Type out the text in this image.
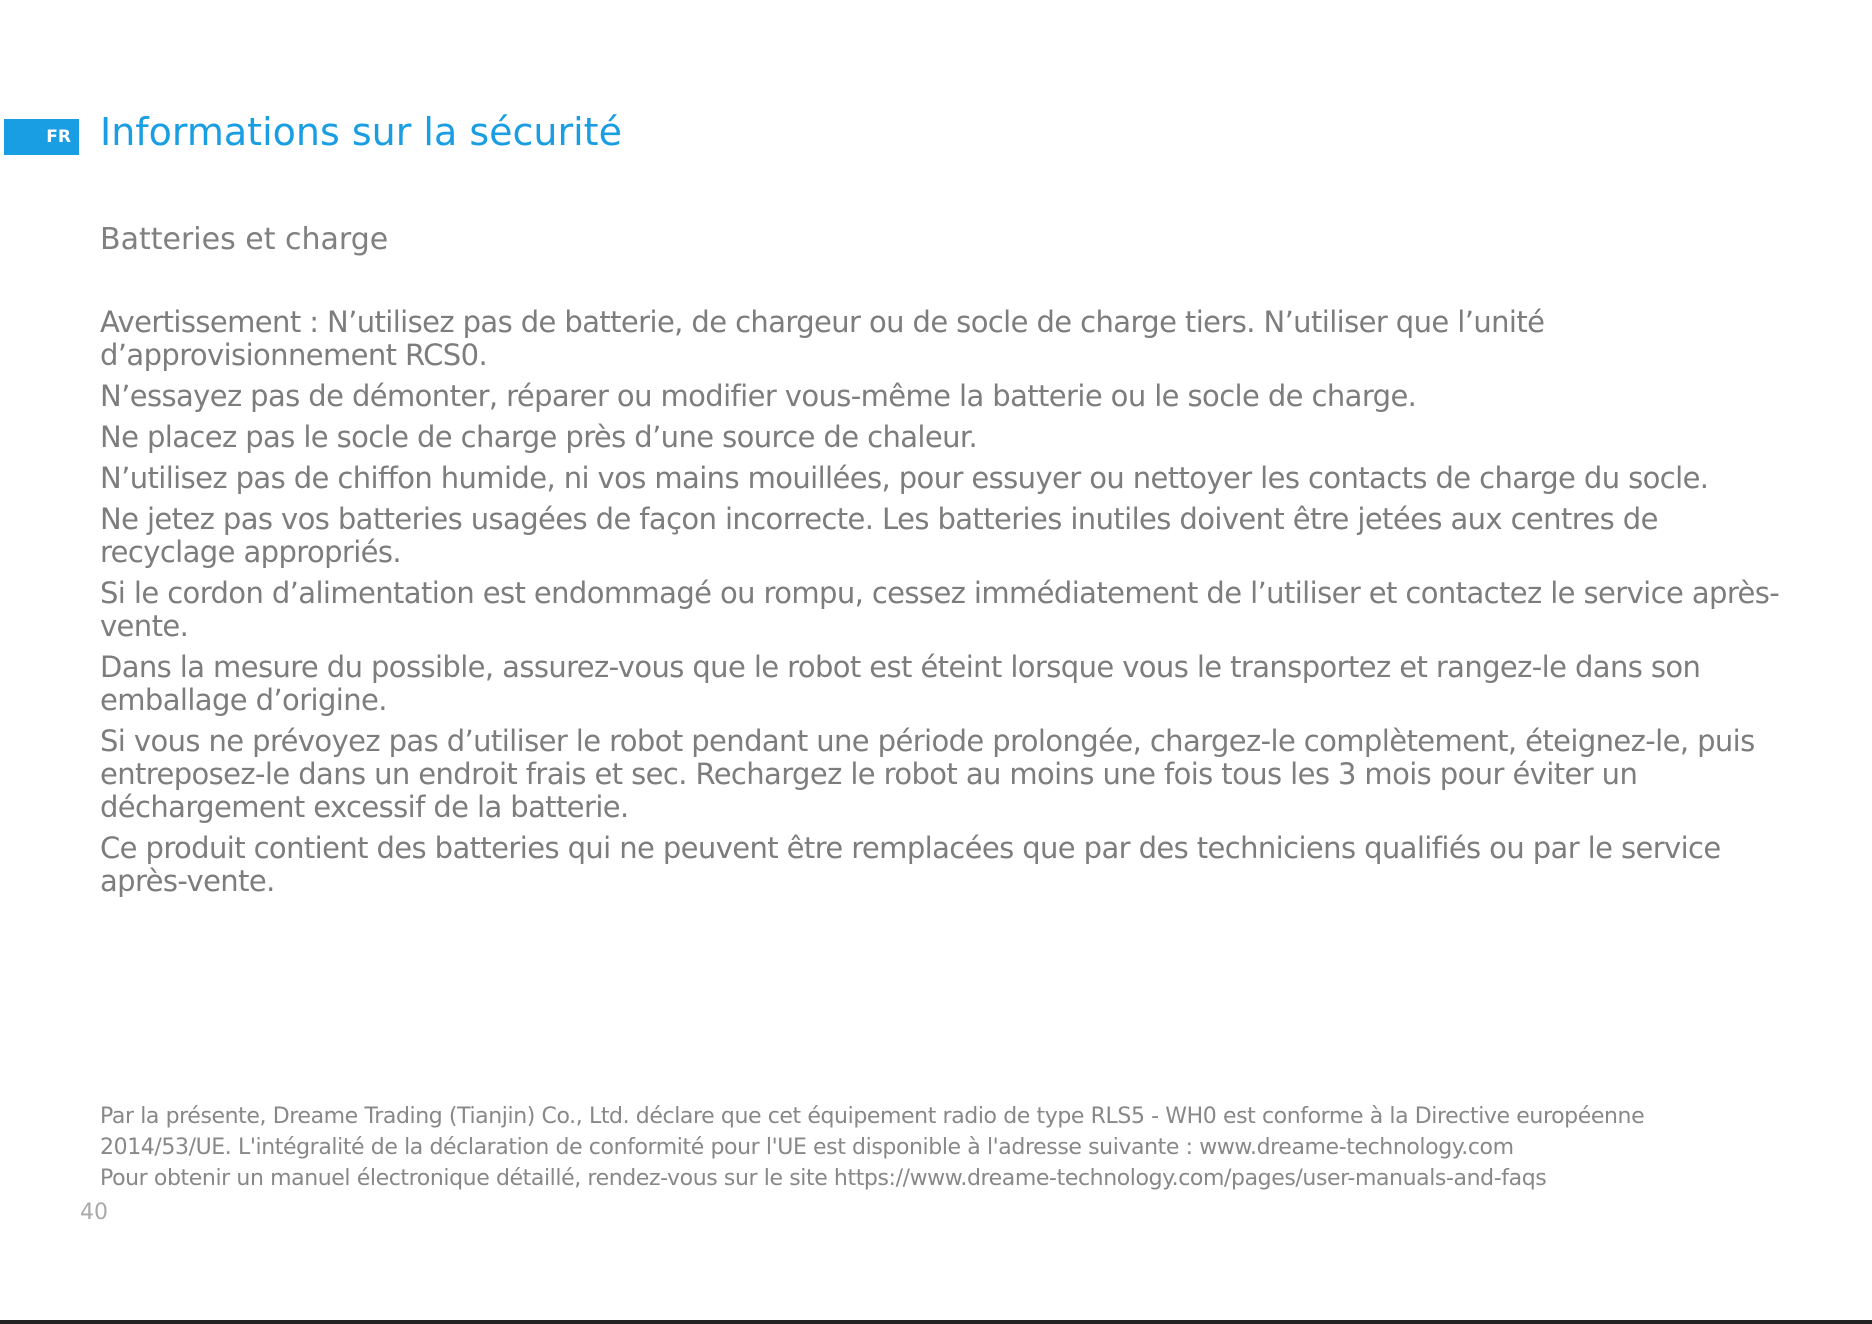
FR Informations sur la sécurité
Batteries et charge

Avertissement : N’utilisez pas de batterie, de chargeur ou de socle de charge tiers. N’utiliser que l’unité d’approvisionnement RCS0.

N’essayez pas de démonter, réparer ou modifier vous-même la batterie ou le socle de charge.

Ne placez pas le socle de charge près d’une source de chaleur.

N’utilisez pas de chiffon humide, ni vos mains mouillées, pour essuyer ou nettoyer les contacts de charge du socle.

Ne jetez pas vos batteries usagées de façon incorrecte. Les batteries inutiles doivent être jetées aux centres de recyclage appropriés.

Si le cordon d’alimentation est endommagé ou rompu, cessez immédiatement de l’utiliser et contactez le service après-vente.

Dans la mesure du possible, assurez-vous que le robot est éteint lorsque vous le transportez et rangez-le dans son emballage d’origine.

Si vous ne prévoyez pas d’utiliser le robot pendant une période prolongée, chargez-le complètement, éteignez-le, puis entreposez-le dans un endroit frais et sec. Rechargez le robot au moins une fois tous les 3 mois pour éviter un déchargement excessif de la batterie.

Ce produit contient des batteries qui ne peuvent être remplacées que par des techniciens qualifiés ou par le service après-vente.

Par la présente, Dreame Trading (Tianjin) Co., Ltd. déclare que cet équipement radio de type RLS5 - WH0 est conforme à la Directive européenne

2014/53/UE. L'intégralité de la déclaration de conformité pour l'UE est disponible à l'adresse suivante : www.dreame-technology.com

Pour obtenir un manuel électronique détaillé, rendez-vous sur le site https://www.dreame-technology.com/pages/user-manuals-and-faqs

40
